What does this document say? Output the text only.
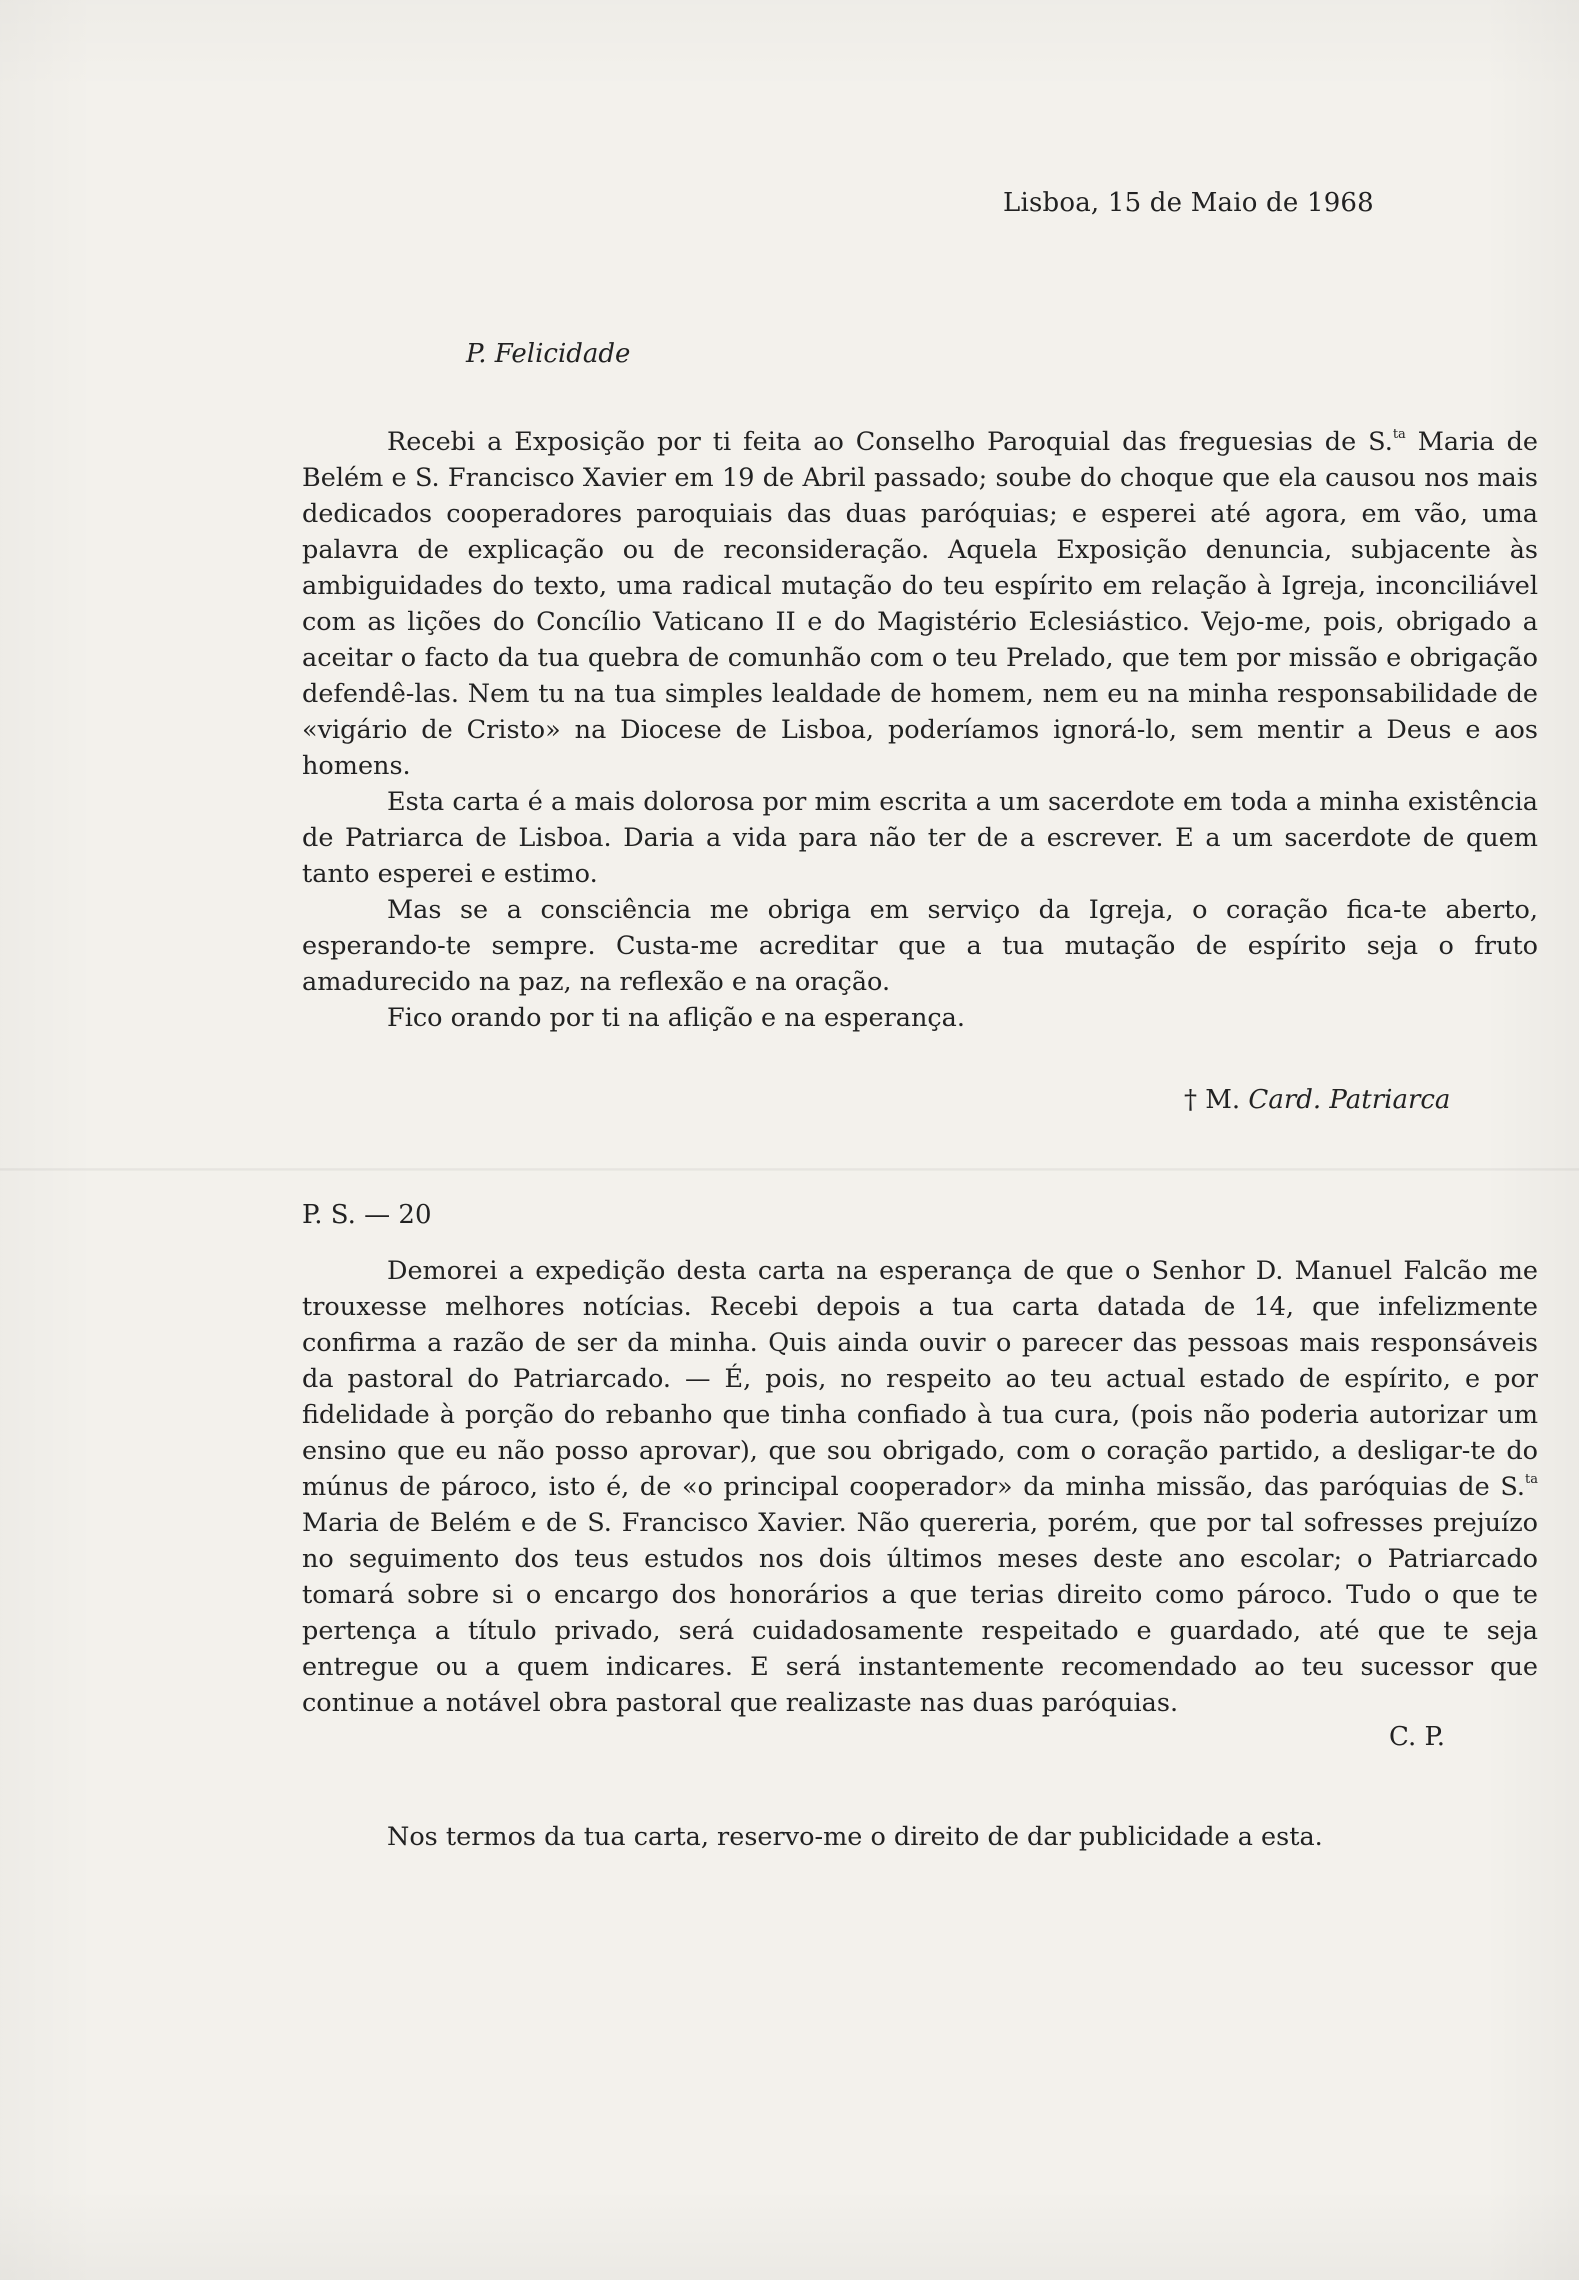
Lisboa, 15 de Maio de 1968
P. Felicidade

Recebi a Exposição por ti feita ao Conselho Paroquial das freguesias de S.$^{ta}$ Maria de Belém e S. Francisco Xavier em 19 de Abril passado; soube do choque que ela causou nos mais dedicados cooperadores paroquiais das duas paróquias; e esperei até agora, em vão, uma palavra de explicação ou de reconsideração. Aquela Exposição denuncia, subjacente às ambiguidades do texto, uma radical mutação do teu espírito em relação à Igreja, inconciliável com as lições do Concílio Vaticano II e do Magistério Eclesiástico. Vejo-me, pois, obrigado a aceitar o facto da tua quebra de comunhão com o teu Prelado, que tem por missão e obrigação defendê-las. Nem tu na tua simples lealdade de homem, nem eu na minha responsabilidade de «vigário de Cristo» na Diocese de Lisboa, poderíamos ignorá-lo, sem mentir a Deus e aos homens.

Esta carta é a mais dolorosa por mim escrita a um sacerdote em toda a minha existência de Patriarca de Lisboa. Daria a vida para não ter de a escrever. E a um sacerdote de quem tanto esperei e estimo.

Mas se a consciência me obriga em serviço da Igreja, o coração fica-te aberto, esperando-te sempre. Custa-me acreditar que a tua mutação de espírito seja o fruto amadurecido na paz, na reflexão e na oração.

Fico orando por ti na aflição e na esperança.

† M. Card. Patriarca
P. S. — 20

Demorei a expedição desta carta na esperança de que o Senhor D. Manuel Falcão me trouxesse melhores notícias. Recebi depois a tua carta datada de 14, que infelizmente confirma a razão de ser da minha. Quis ainda ouvir o parecer das pessoas mais responsáveis da pastoral do Patriarcado. — É, pois, no respeito ao teu actual estado de espírito, e por fidelidade à porção do rebanho que tinha confiado à tua cura, (pois não poderia autorizar um ensino que eu não posso aprovar), que sou obrigado, com o coração partido, a desligar-te do múnus de pároco, isto é, de «o principal cooperador» da minha missão, das paróquias de S.$^{ta}$ Maria de Belém e de S. Francisco Xavier. Não quereria, porém, que por tal sofresses prejuízo no seguimento dos teus estudos nos dois últimos meses deste ano escolar; o Patriarcado tomará sobre si o encargo dos honorários a que terias direito como pároco. Tudo o que te pertença a título privado, será cuidadosamente respeitado e guardado, até que te seja entregue ou a quem indicares. E será instantemente recomendado ao teu sucessor que continue a notável obra pastoral que realizaste nas duas paróquias.

C. P.
Nos termos da tua carta, reservo-me o direito de dar publicidade a esta.
